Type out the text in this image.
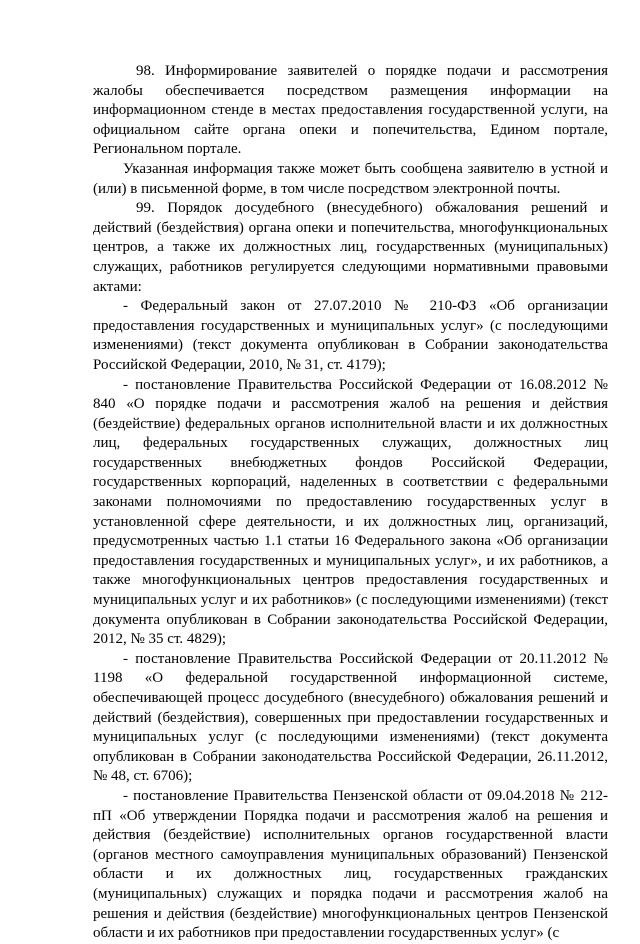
98. Информирование заявителей о порядке подачи и рассмотрения жалобы обеспечивается посредством размещения информации на информационном стенде в местах предоставления государственной услуги, на официальном сайте органа опеки и попечительства, Едином портале, Региональном портале.

Указанная информация также может быть сообщена заявителю в устной и (или) в письменной форме, в том числе посредством электронной почты.

99. Порядок досудебного (внесудебного) обжалования решений и действий (бездействия) органа опеки и попечительства, многофункциональных центров, а также их должностных лиц, государственных (муниципальных) служащих, работников регулируется следующими нормативными правовыми актами:

- Федеральный закон от 27.07.2010 № 210-ФЗ «Об организации предоставления государственных и муниципальных услуг» (с последующими изменениями) (текст документа опубликован в Собрании законодательства Российской Федерации, 2010, № 31, ст. 4179);

- постановление Правительства Российской Федерации от 16.08.2012 № 840 «О порядке подачи и рассмотрения жалоб на решения и действия (бездействие) федеральных органов исполнительной власти и их должностных лиц, федеральных государственных служащих, должностных лиц государственных внебюджетных фондов Российской Федерации, государственных корпораций, наделенных в соответствии с федеральными законами полномочиями по предоставлению государственных услуг в установленной сфере деятельности, и их должностных лиц, организаций, предусмотренных частью 1.1 статьи 16 Федерального закона «Об организации предоставления государственных и муниципальных услуг», и их работников, а также многофункциональных центров предоставления государственных и муниципальных услуг и их работников» (с последующими изменениями) (текст документа опубликован в Собрании законодательства Российской Федерации, 2012, № 35 ст. 4829);

- постановление Правительства Российской Федерации от 20.11.2012 № 1198 «О федеральной государственной информационной системе, обеспечивающей процесс досудебного (внесудебного) обжалования решений и действий (бездействия), совершенных при предоставлении государственных и муниципальных услуг (с последующими изменениями) (текст документа опубликован в Собрании законодательства Российской Федерации, 26.11.2012, № 48, ст. 6706);

- постановление Правительства Пензенской области от 09.04.2018 № 212-пП «Об утверждении Порядка подачи и рассмотрения жалоб на решения и действия (бездействие) исполнительных органов государственной власти (органов местного самоуправления муниципальных образований) Пензенской области и их должностных лиц, государственных гражданских (муниципальных) служащих и порядка подачи и рассмотрения жалоб на решения и действия (бездействие) многофункциональных центров Пензенской области и их работников при предоставлении государственных услуг» (с
